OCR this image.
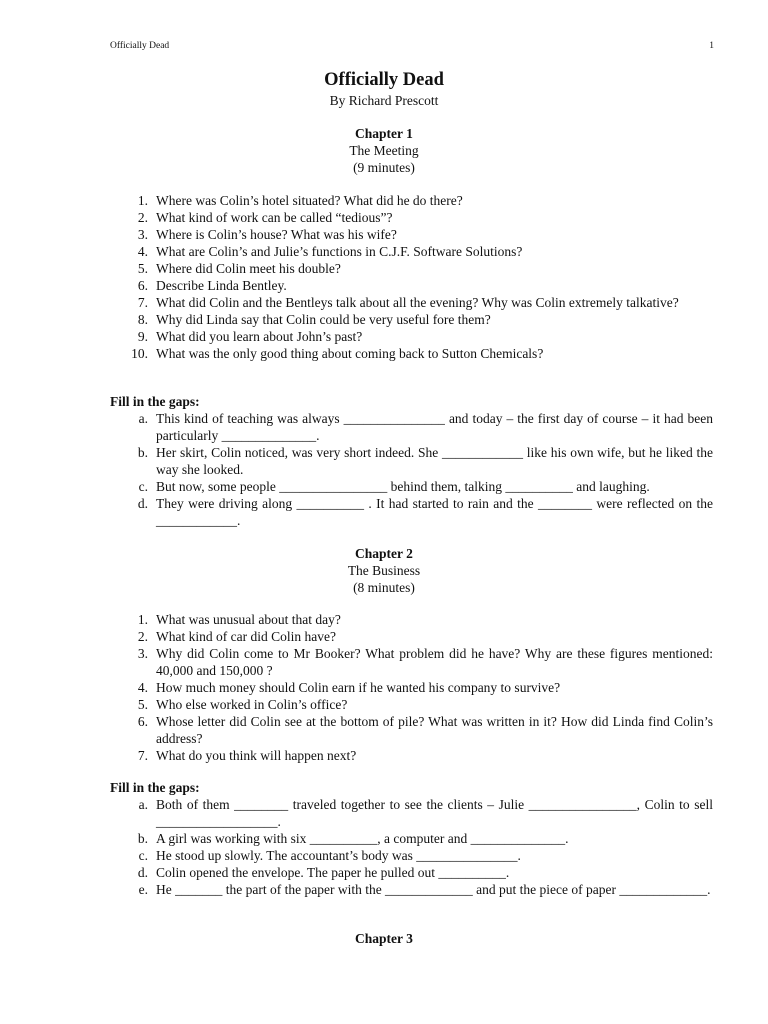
Officially Dead	1
Officially Dead
By Richard Prescott
Chapter 1
The Meeting
(9 minutes)
1. Where was Colin’s hotel situated? What did he do there?
2. What kind of work can be called “tedious”?
3. Where is Colin’s house? What was his wife?
4. What are Colin’s and Julie’s functions in C.J.F. Software Solutions?
5. Where did Colin meet his double?
6. Describe Linda Bentley.
7. What did Colin and the Bentleys talk about all the evening? Why was Colin extremely talkative?
8. Why did Linda say that Colin could be very useful fore them?
9. What did you learn about John’s past?
10. What was the only good thing about coming back to Sutton Chemicals?
Fill in the gaps:
a. This kind of teaching was always _______________ and today – the first day of course – it had been particularly ______________.
b. Her skirt, Colin noticed, was very short indeed. She ____________ like his own wife, but he liked the way she looked.
c. But now, some people ________________ behind them, talking __________ and laughing.
d. They were driving along __________ . It had started to rain and the ________ were reflected on the ____________.
Chapter 2
The Business
(8 minutes)
1. What was unusual about that day?
2. What kind of car did Colin have?
3. Why did Colin come to Mr Booker? What problem did he have? Why are these figures mentioned: 40,000 and 150,000 ?
4. How much money should Colin earn if he wanted his company to survive?
5. Who else worked in Colin’s office?
6. Whose letter did Colin see at the bottom of pile? What was written in it? How did Linda find Colin’s address?
7. What do you think will happen next?
Fill in the gaps:
a. Both of them ________ traveled together to see the clients – Julie ________________, Colin to sell __________________.
b. A girl was working with six __________, a computer and ______________.
c. He stood up slowly. The accountant’s body was _______________.
d. Colin opened the envelope. The paper he pulled out __________.
e. He _______ the part of the paper with the _____________ and put the piece of paper _____________.
Chapter 3
